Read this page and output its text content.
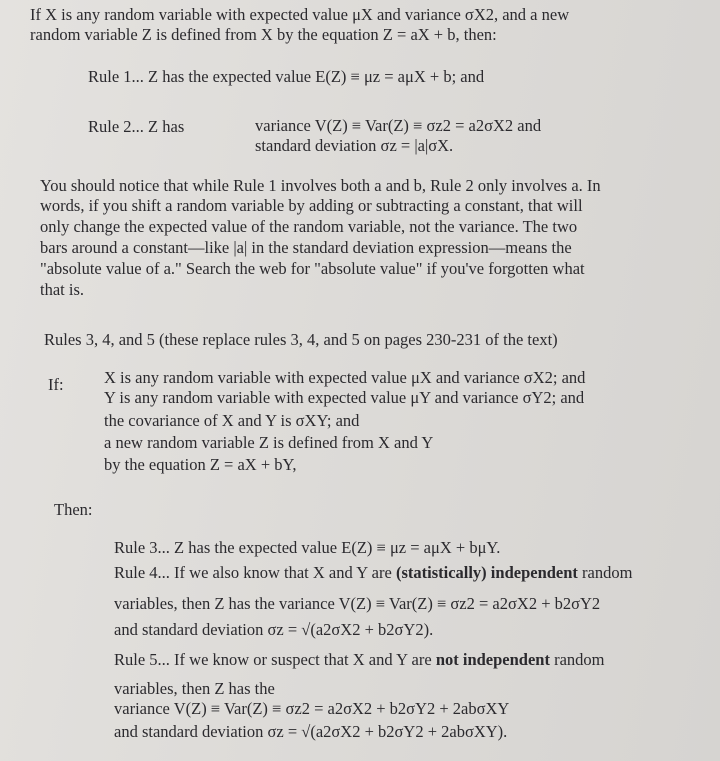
If X is any random variable with expected value μX and variance σX2, and a new
random variable Z is defined from X by the equation Z = aX + b, then:
Rule 1... Z has the expected value E(Z) ≡ μz = aμX + b; and
Rule 2... Z has	variance V(Z) ≡ Var(Z) ≡ σz2 = a2σX2 and
standard deviation σz = |a|σX.
You should notice that while Rule 1 involves both a and b, Rule 2 only involves a. In
words, if you shift a random variable by adding or subtracting a constant, that will
only change the expected value of the random variable, not the variance. The two
bars around a constant—like |a| in the standard deviation expression—means the
"absolute value of a." Search the web for "absolute value" if you've forgotten what
that is.
Rules 3, 4, and 5 (these replace rules 3, 4, and 5 on pages 230-231 of the text)
If: X is any random variable with expected value μX and variance σX2; and
Y is any random variable with expected value μY and variance σY2; and
the covariance of X and Y is σXY; and
a new random variable Z is defined from X and Y
by the equation Z = aX + bY,
Then:
Rule 3... Z has the expected value E(Z) ≡ μz = aμX + bμY.
Rule 4... If we also know that X and Y are (statistically) independent random
variables, then Z has the variance V(Z) ≡ Var(Z) ≡ σz2 = a2σX2 + b2σY2
and standard deviation σz = √(a2σX2 + b2σY2).
Rule 5... If we know or suspect that X and Y are not independent random
variables, then Z has the
variance V(Z) ≡ Var(Z) ≡ σz2 = a2σX2 + b2σY2 + 2abσXY
and standard deviation σz = √(a2σX2 + b2σY2 + 2abσXY).
